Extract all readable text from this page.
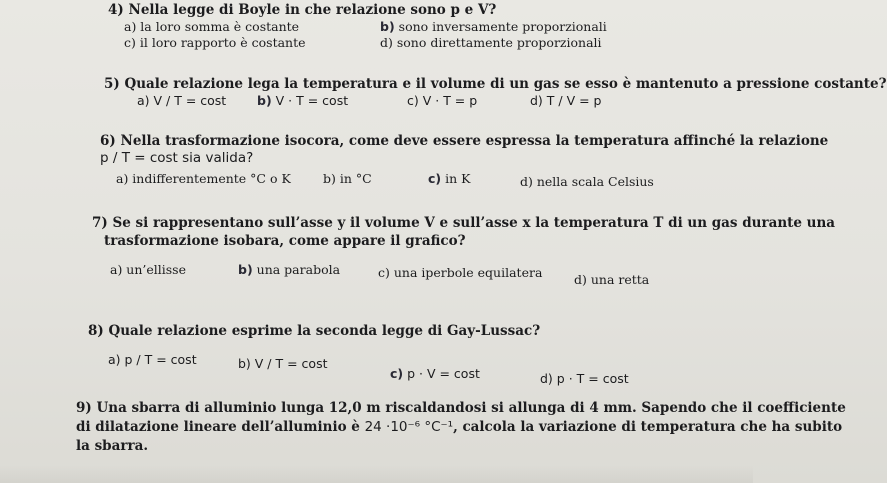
4) Nella legge di Boyle in che relazione sono p e V?
a) la loro somma è costante	b) sono inversamente proporzionali
c) il loro rapporto è costante	d) sono direttamente proporzionali
5) Quale relazione lega la temperatura e il volume di un gas se esso è mantenuto a pressione costante?
a) V / T = cost b) V · T = cost	c) V · T = p	d) T / V = p
6) Nella trasformazione isocora, come deve essere espressa la temperatura affinché la relazione
p / T = cost sia valida?
a) indifferentemente °C o K	b) in °C	c) in K	d) nella scala Celsius
7) Se si rappresentano sull’asse y il volume V e sull’asse x la temperatura T di un gas durante una
trasformazione isobara, come appare il grafico?
a) un’ellisse	b) una parabola	c) una iperbole equilatera	d) una retta
8) Quale relazione esprime la seconda legge di Gay-Lussac?
a) p / T = cost	b) V / T = cost
c) p · V = cost	d) p · T = cost
9) Una sbarra di alluminio lunga 12,0 m riscaldandosi si allunga di 4 mm. Sapendo che il coefficiente
di dilatazione lineare dell’alluminio è 24 ·10⁻⁶ °C⁻¹, calcola la variazione di temperatura che ha subito
la sbarra.
